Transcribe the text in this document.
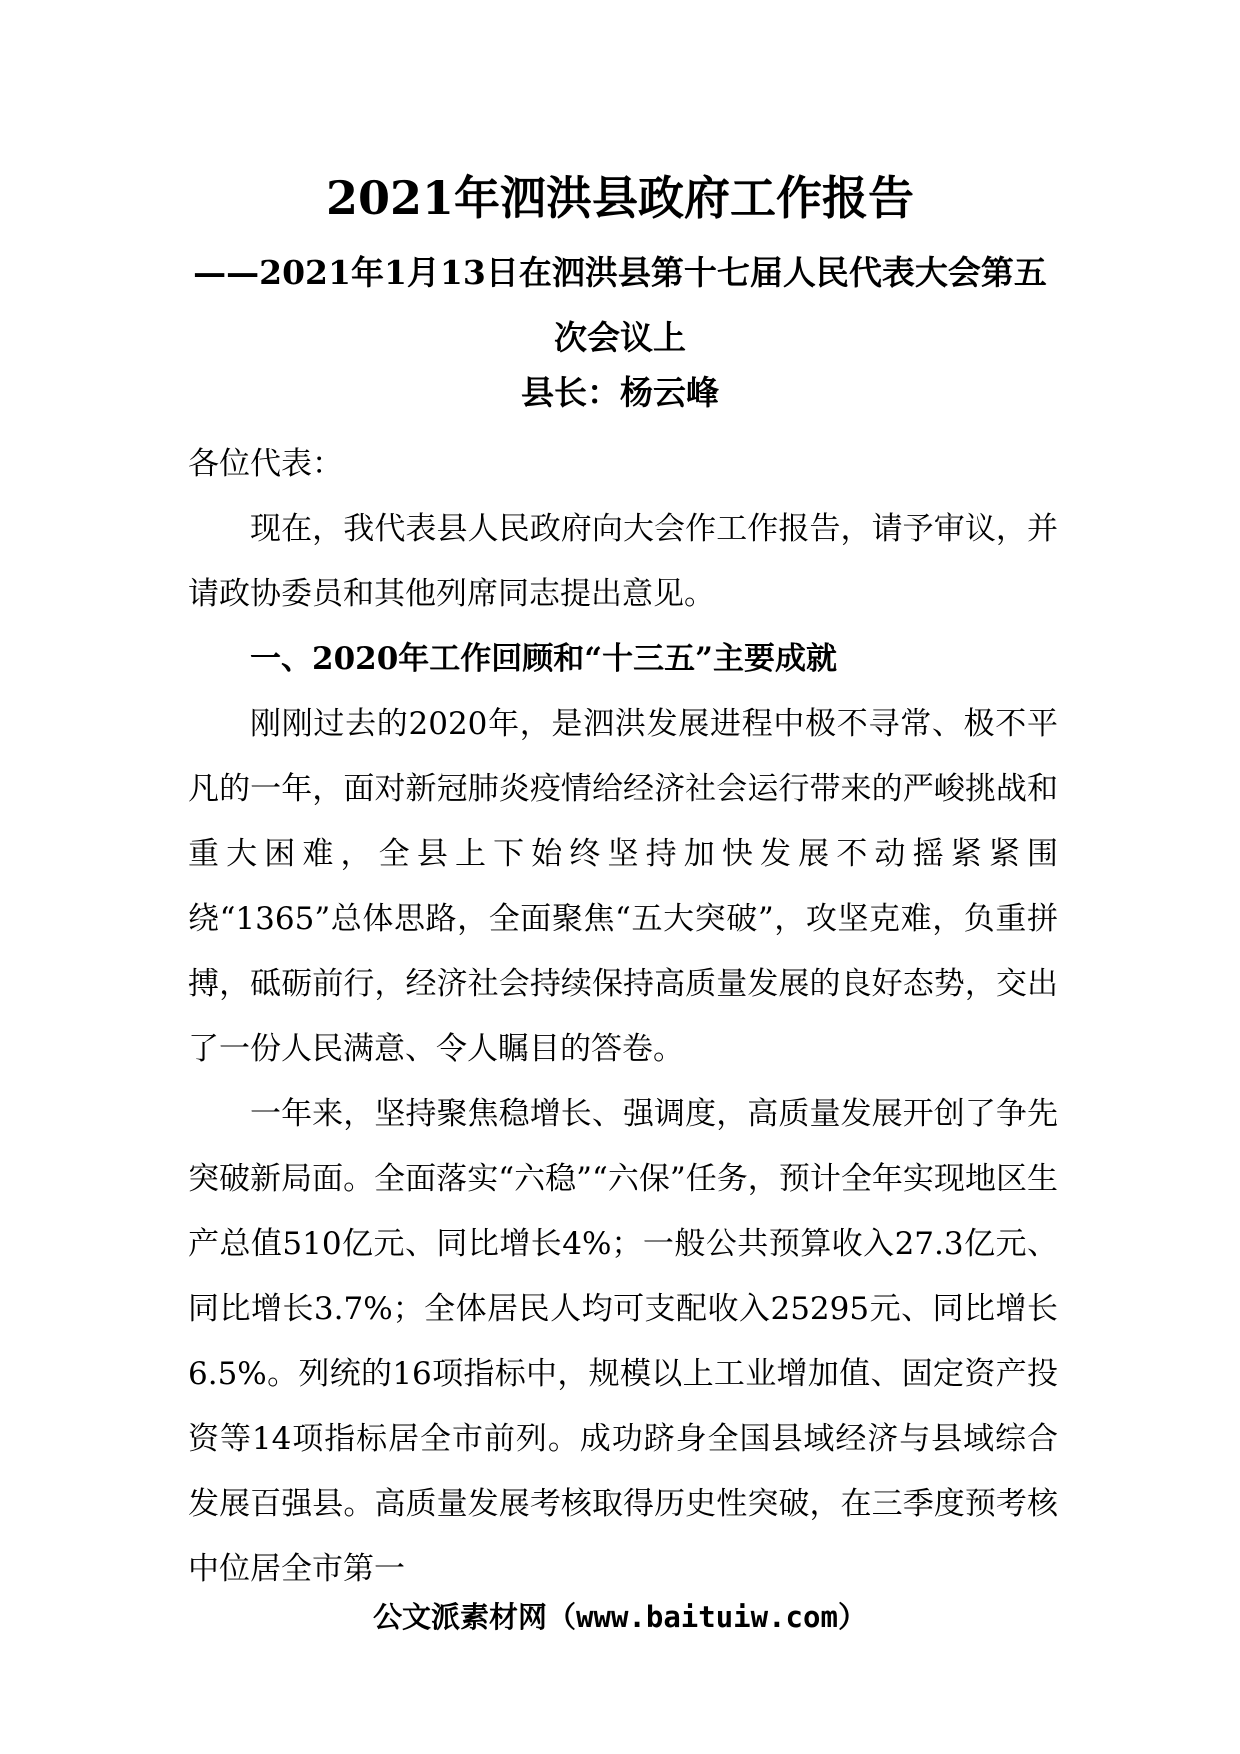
2021年泗洪县政府工作报告
——2021年1月13日在泗洪县第十七届人民代表大会第五次会议上
县长：杨云峰

各位代表：

现在，我代表县人民政府向大会作工作报告，请予审议，并请政协委员和其他列席同志提出意见。

一、2020年工作回顾和“十三五”主要成就

刚刚过去的2020年，是泗洪发展进程中极不寻常、极不平凡的一年，面对新冠肺炎疫情给经济社会运行带来的严峻挑战和重大困难，全县上下始终坚持加快发展不动摇紧紧围绕“1365”总体思路，全面聚焦“五大突破”，攻坚克难，负重拼搏，砥砺前行，经济社会持续保持高质量发展的良好态势，交出了一份人民满意、令人瞩目的答卷。

一年来，坚持聚焦稳增长、强调度，高质量发展开创了争先突破新局面。全面落实“六稳”“六保”任务，预计全年实现地区生产总值510亿元、同比增长4%；一般公共预算收入27.3亿元、同比增长3.7%；全体居民人均可支配收入25295元、同比增长6.5%。列统的16项指标中，规模以上工业增加值、固定资产投资等14项指标居全市前列。成功跻身全国县域经济与县域综合发展百强县。高质量发展考核取得历史性突破，在三季度预考核中位居全市第一

公文派素材网（www.baituiw.com）
